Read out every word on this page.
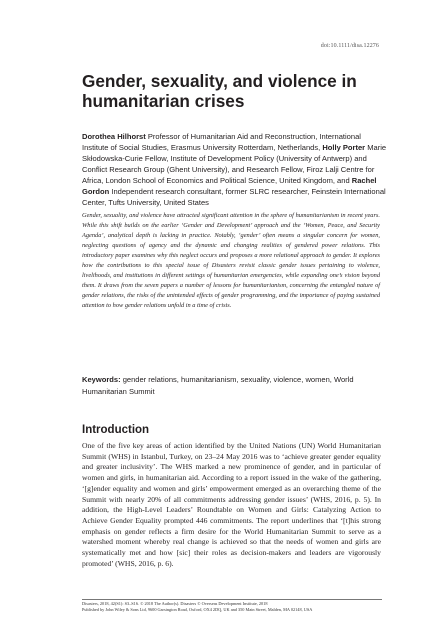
doi:10.1111/disa.12276
Gender, sexuality, and violence in humanitarian crises

Dorothea Hilhorst Professor of Humanitarian Aid and Reconstruction, International Institute of Social Studies, Erasmus University Rotterdam, Netherlands, Holly Porter Marie Skłodowska-Curie Fellow, Institute of Development Policy (University of Antwerp) and Conflict Research Group (Ghent University), and Research Fellow, Firoz Lalji Centre for Africa, London School of Economics and Political Science, United Kingdom, and Rachel Gordon Independent research consultant, former SLRC researcher, Feinstein International Center, Tufts University, United States

Gender, sexuality, and violence have attracted significant attention in the sphere of humanitarianism in recent years. While this shift builds on the earlier ‘Gender and Development’ approach and the ‘Women, Peace, and Security Agenda’, analytical depth is lacking in practice. Notably, ‘gender’ often means a singular concern for women, neglecting questions of agency and the dynamic and changing realities of gendered power relations. This introductory paper examines why this neglect occurs and proposes a more relational approach to gender. It explores how the contributions to this special issue of Disasters revisit classic gender issues pertaining to violence, livelihoods, and institutions in different settings of humanitarian emergencies, while expanding one’s vision beyond them. It draws from the seven papers a number of lessons for humanitarianism, concerning the entangled nature of gender relations, the risks of the unintended effects of gender programming, and the importance of paying sustained attention to how gender relations unfold in a time of crisis.

Keywords: gender relations, humanitarianism, sexuality, violence, women, World Humanitarian Summit

Introduction

One of the five key areas of action identified by the United Nations (UN) World Humanitarian Summit (WHS) in Istanbul, Turkey, on 23–24 May 2016 was to ‘achieve greater gender equality and greater inclusivity’. The WHS marked a new prominence of gender, and in particular of women and girls, in humanitarian aid. According to a report issued in the wake of the gathering, ‘[g]ender equality and women and girls’ empowerment emerged as an overarching theme of the Summit with nearly 20% of all commitments addressing gender issues’ (WHS, 2016, p. 5). In addition, the High-Level Leaders’ Roundtable on Women and Girls: Catalyzing Action to Achieve Gender Equality prompted 446 commitments. The report underlines that ‘[t]his strong emphasis on gender reflects a firm desire for the World Humanitarian Summit to serve as a watershed moment whereby real change is achieved so that the needs of women and girls are systematically met and how [sic] their roles as decision-makers and leaders are vigorously promoted’ (WHS, 2016, p. 6).

Disasters, 2018, 42(S1): S3–S16. © 2018 The Author(s). Disasters © Overseas Development Institute, 2018

Published by John Wiley & Sons Ltd, 9600 Garsington Road, Oxford, OX4 2DQ, UK and 350 Main Street, Malden, MA 02148, USA
